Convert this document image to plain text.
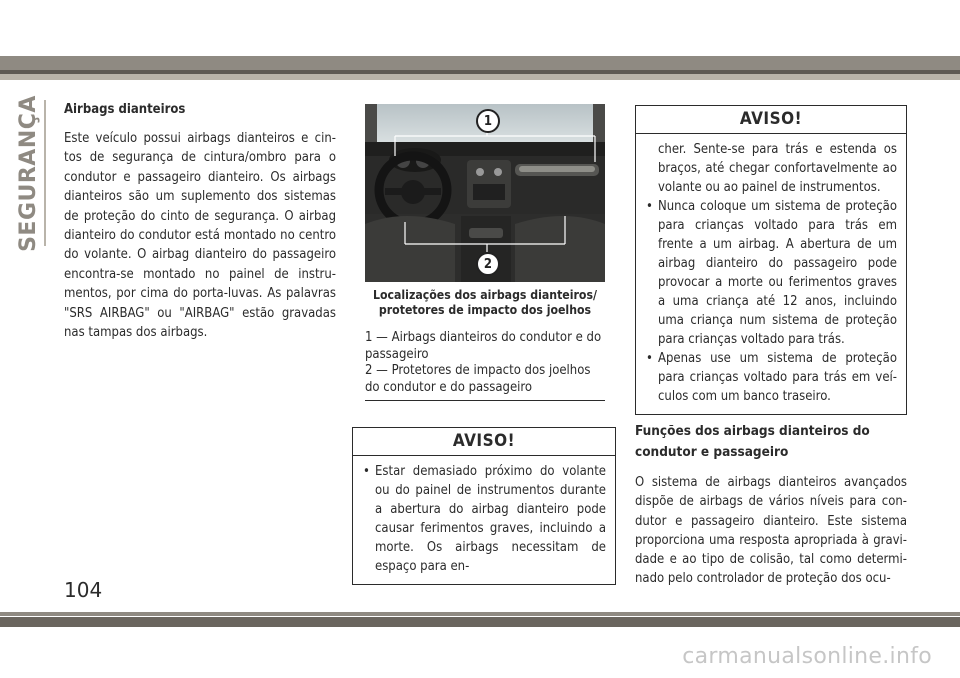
SEGURANÇA Airbags dianteiros

Este veículo possui airbags dianteiros e cin-tos de segurança de cintura/ombro para o condutor e passageiro dianteiro. Os airbags dianteiros são um suplemento dos sistemas de proteção do cinto de segurança. O airbag dianteiro do condutor está montado no centro do volante. O airbag dianteiro do passageiro encontra-se montado no painel de instru-mentos, por cima do porta-luvas. As palavras "SRS AIRBAG" ou "AIRBAG" estão gravadas nas tampas dos airbags.

1
2

Localizações dos airbags dianteiros/
protetores de impacto dos joelhos

1 — Airbags dianteiros do condutor e do passageiro
2 — Protetores de impacto dos joelhos do condutor e do passageiro
AVISO!
• Estar demasiado próximo do volante ou do painel de instrumentos durante a abertura do airbag dianteiro pode causar ferimentos graves, incluindo a morte. Os airbags necessitam de espaço para en-
AVISO!
cher. Sente-se para trás e estenda os braços, até chegar confortavelmente ao volante ou ao painel de instrumentos.
• Nunca coloque um sistema de proteção para crianças voltado para trás em frente a um airbag. A abertura de um airbag dianteiro do passageiro pode provocar a morte ou ferimentos graves a uma criança até 12 anos, incluindo uma criança num sistema de proteção para crianças voltado para trás.
• Apenas use um sistema de proteção para crianças voltado para trás em veí-culos com um banco traseiro.

Funções dos airbags dianteiros do condutor e passageiro

O sistema de airbags dianteiros avançados dispõe de airbags de vários níveis para con-dutor e passageiro dianteiro. Este sistema proporciona uma resposta apropriada à gravi-dade e ao tipo de colisão, tal como determi-nado pelo controlador de proteção dos ocu-

104
carmanualsonline.info
